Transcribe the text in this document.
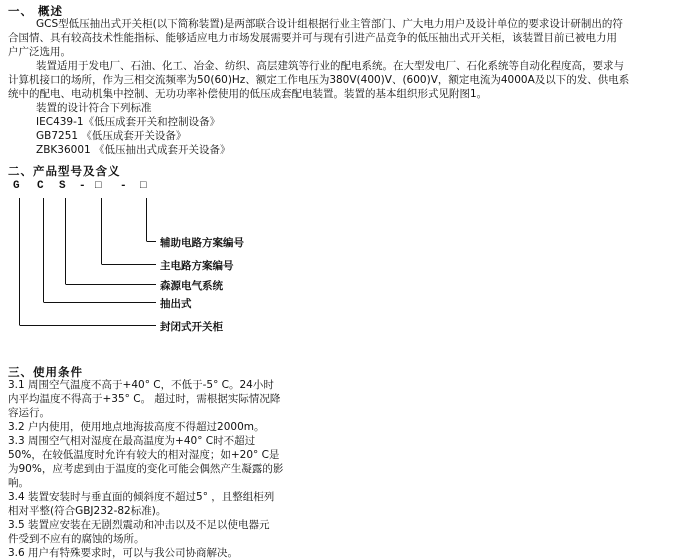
一、 概述
GCS型低压抽出式开关柜(以下简称装置)是两部联合设计组根据行业主管部门、广大电力用户及设计单位的要求设计研制出的符
合国情、具有较高技术性能指标、能够适应电力市场发展需要并可与现有引进产品竞争的低压抽出式开关柜，该装置目前已被电力用
户广泛选用。
装置适用于发电厂、石油、化工、冶金、纺织、高层建筑等行业的配电系统。在大型发电厂、石化系统等自动化程度高，要求与
计算机接口的场所，作为三相交流频率为50(60)Hz、额定工作电压为380V(400)V、(600)V，额定电流为4000A及以下的发、供电系
统中的配电、电动机集中控制、无功功率补偿使用的低压成套配电装置。装置的基本组织形式见附图1。
装置的设计符合下列标准
IEC439-1《低压成套开关和控制设备》
GB7251 《低压成套开关设备》
ZBK36001 《低压抽出式成套开关设备》
二、产品型号及含义
G C S - □ - □
辅助电路方案编号
主电路方案编号
森源电气系统
抽出式
封闭式开关柜
三、使用条件
3.1 周围空气温度不高于+40° C，不低于-5° C。24小时
内平均温度不得高于+35° C。 超过时，需根据实际情况降
容运行。
3.2 户内使用，使用地点地海拔高度不得超过2000m。
3.3 周围空气相对湿度在最高温度为+40° C时不超过
50%，在较低温度时允许有较大的相对湿度；如+20° C是
为90%，应考虑到由于温度的变化可能会偶然产生凝露的影
响。
3.4 装置安装时与垂直面的倾斜度不超过5° ，且整组柜列
相对平整(符合GBJ232-82标准)。
3.5 装置应安装在无剧烈震动和冲击以及不足以使电器元
件受到不应有的腐蚀的场所。
3.6 用户有特殊要求时，可以与我公司协商解决。
